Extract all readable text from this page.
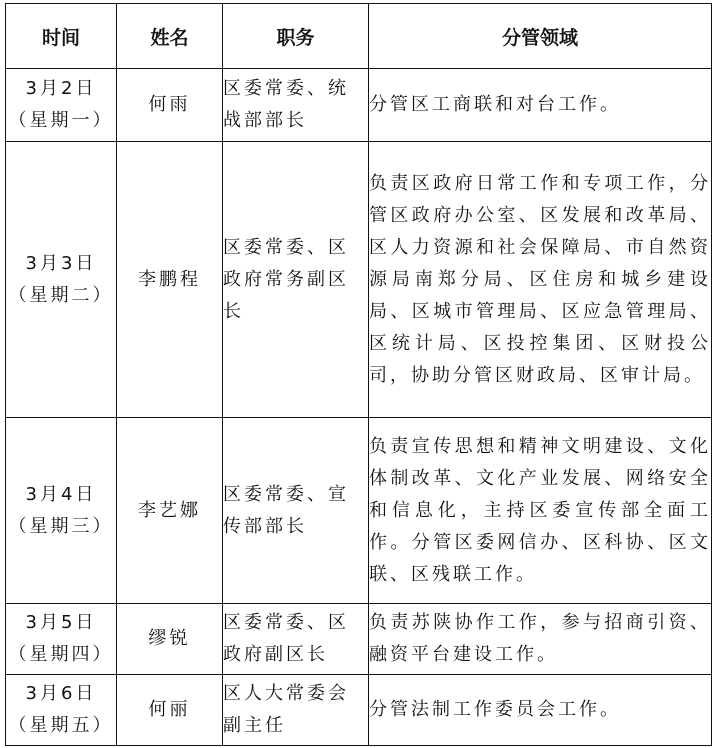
时间	姓名	职务	分管领域

3月2日
（星期一）	何雨	区委常委、统战部部长	分管区工商联和对台工作。

3月3日
（星期二）	李鹏程	区委常委、区政府常务副区长	负责区政府日常工作和专项工作，分管区政府办公室、区发展和改革局、区人力资源和社会保障局、市自然资源局南郑分局、区住房和城乡建设局、区城市管理局、区应急管理局、区统计局、区投控集团、区财投公司，协助分管区财政局、区审计局。

3月4日
（星期三）	李艺娜	区委常委、宣传部部长	负责宣传思想和精神文明建设、文化体制改革、文化产业发展、网络安全和信息化，主持区委宣传部全面工作。分管区委网信办、区科协、区文联、区残联工作。

3月5日
（星期四）	缪锐	区委常委、区政府副区长	负责苏陕协作工作，参与招商引资、融资平台建设工作。

3月6日
（星期五）	何丽	区人大常委会副主任	分管法制工作委员会工作。
